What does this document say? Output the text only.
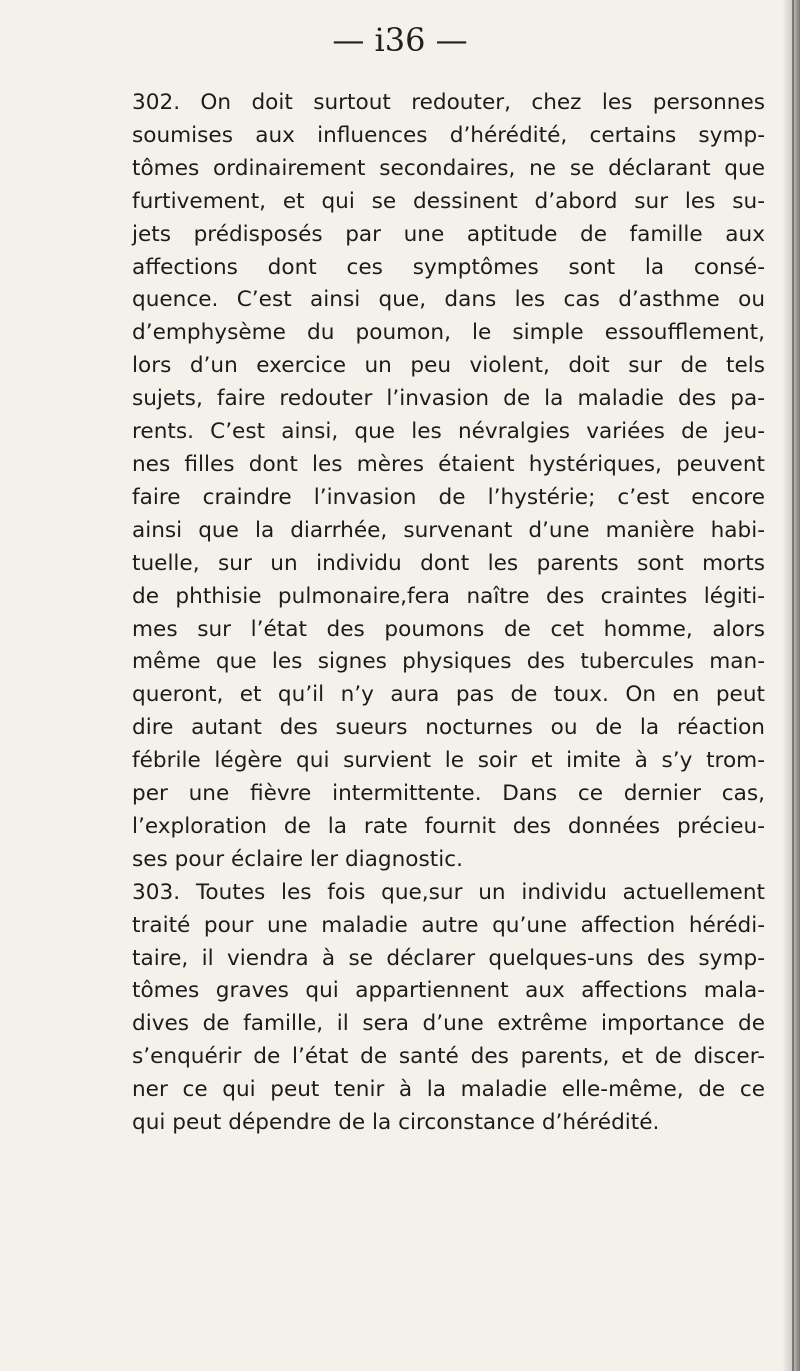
— i36 —
302. On doit surtout redouter, chez les personnes
soumises aux influences d’hérédité, certains symp-
tômes ordinairement secondaires, ne se déclarant que
furtivement, et qui se dessinent d’abord sur les su-
jets prédisposés par une aptitude de famille aux
affections dont ces symptômes sont la consé-
quence. C’est ainsi que, dans les cas d’asthme ou
d’emphysème du poumon, le simple essoufflement,
lors d’un exercice un peu violent, doit sur de tels
sujets, faire redouter l’invasion de la maladie des pa-
rents. C’est ainsi, que les névralgies variées de jeu-
nes filles dont les mères étaient hystériques, peuvent
faire craindre l’invasion de l’hystérie; c’est encore
ainsi que la diarrhée, survenant d’une manière habi-
tuelle, sur un individu dont les parents sont morts
de phthisie pulmonaire,fera naître des craintes légiti-
mes sur l’état des poumons de cet homme, alors
même que les signes physiques des tubercules man-
queront, et qu’il n’y aura pas de toux. On en peut
dire autant des sueurs nocturnes ou de la réaction
fébrile légère qui survient le soir et imite à s’y trom-
per une fièvre intermittente. Dans ce dernier cas,
l’exploration de la rate fournit des données précieu-
ses pour éclaire ler diagnostic.
303. Toutes les fois que,sur un individu actuellement
traité pour une maladie autre qu’une affection hérédi-
taire, il viendra à se déclarer quelques-uns des symp-
tômes graves qui appartiennent aux affections mala-
dives de famille, il sera d’une extrême importance de
s’enquérir de l’état de santé des parents, et de discer-
ner ce qui peut tenir à la maladie elle-même, de ce
qui peut dépendre de la circonstance d’hérédité.
